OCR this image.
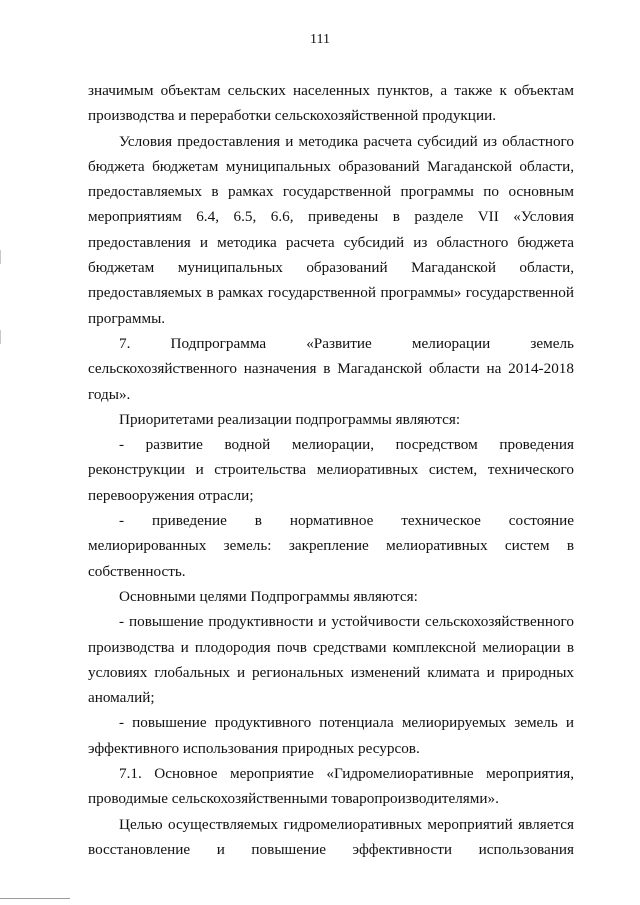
111

значимым объектам сельских населенных пунктов, а также к объектам производства и переработки сельскохозяйственной продукции.

Условия предоставления и методика расчета субсидий из областного бюджета бюджетам муниципальных образований Магаданской области, предоставляемых в рамках государственной программы по основным мероприятиям 6.4, 6.5, 6.6, приведены в разделе VII «Условия предоставления и методика расчета субсидий из областного бюджета бюджетам муниципальных образований Магаданской области, предоставляемых в рамках государственной программы» государственной программы.

7. Подпрограмма «Развитие мелиорации земель сельскохозяйственного назначения в Магаданской области на 2014-2018 годы».

Приоритетами реализации подпрограммы являются:

- развитие водной мелиорации, посредством проведения реконструкции и строительства мелиоративных систем, технического перевооружения отрасли;

- приведение в нормативное техническое состояние мелиорированных земель: закрепление мелиоративных систем в собственность.

Основными целями Подпрограммы являются:

- повышение продуктивности и устойчивости сельскохозяйственного производства и плодородия почв средствами комплексной мелиорации в условиях глобальных и региональных изменений климата и природных аномалий;

- повышение продуктивного потенциала мелиорируемых земель и эффективного использования природных ресурсов.

7.1. Основное мероприятие «Гидромелиоративные мероприятия, проводимые сельскохозяйственными товаропроизводителями».

Целью осуществляемых гидромелиоративных мероприятий является восстановление и повышение эффективности использования
